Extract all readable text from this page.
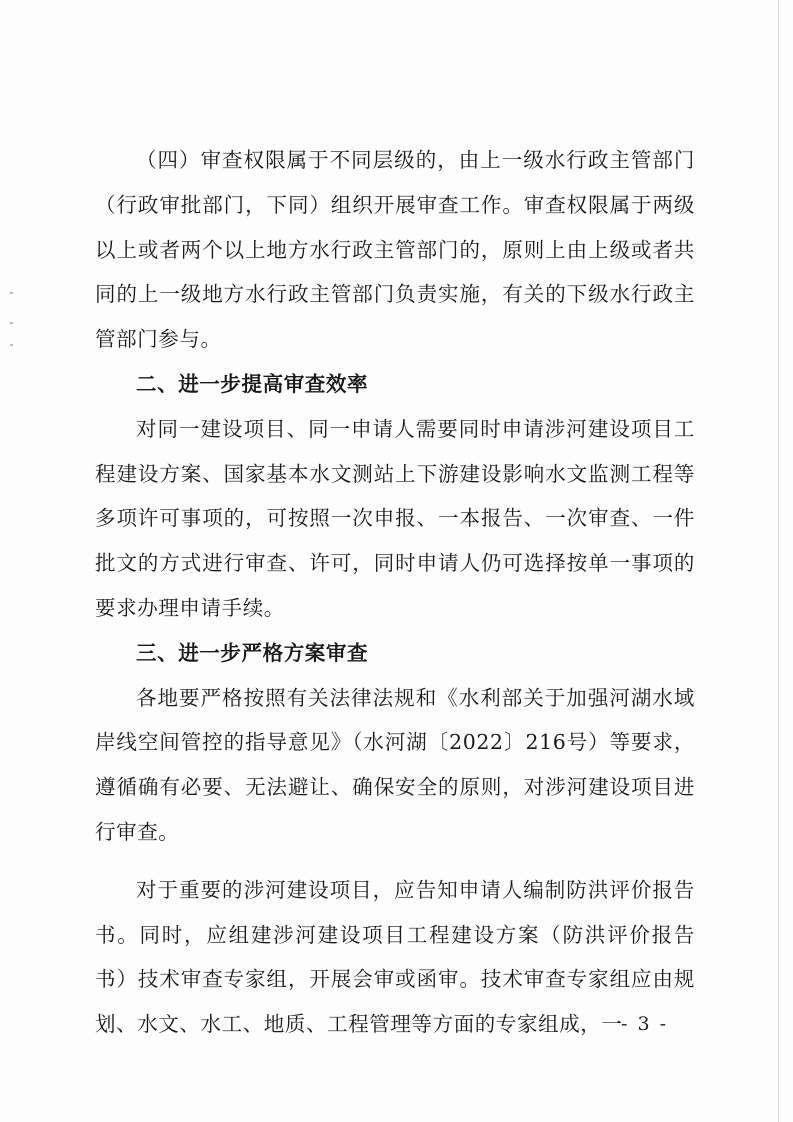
（四）审查权限属于不同层级的，由上一级水行政主管部门（行政审批部门，下同）组织开展审查工作。审查权限属于两级以上或者两个以上地方水行政主管部门的，原则上由上级或者共同的上一级地方水行政主管部门负责实施，有关的下级水行政主管部门参与。

二、进一步提高审查效率

对同一建设项目、同一申请人需要同时申请涉河建设项目工程建设方案、国家基本水文测站上下游建设影响水文监测工程等多项许可事项的，可按照一次申报、一本报告、一次审查、一件批文的方式进行审查、许可，同时申请人仍可选择按单一事项的要求办理申请手续。

三、进一步严格方案审查

各地要严格按照有关法律法规和《水利部关于加强河湖水域岸线空间管控的指导意见》（水河湖〔2022〕216号）等要求，遵循确有必要、无法避让、确保安全的原则，对涉河建设项目进行审查。

对于重要的涉河建设项目，应告知申请人编制防洪评价报告书。同时，应组建涉河建设项目工程建设方案（防洪评价报告书）技术审查专家组，开展会审或函审。技术审查专家组应由规划、水文、水工、地质、工程管理等方面的专家组成，一

- 3 -
